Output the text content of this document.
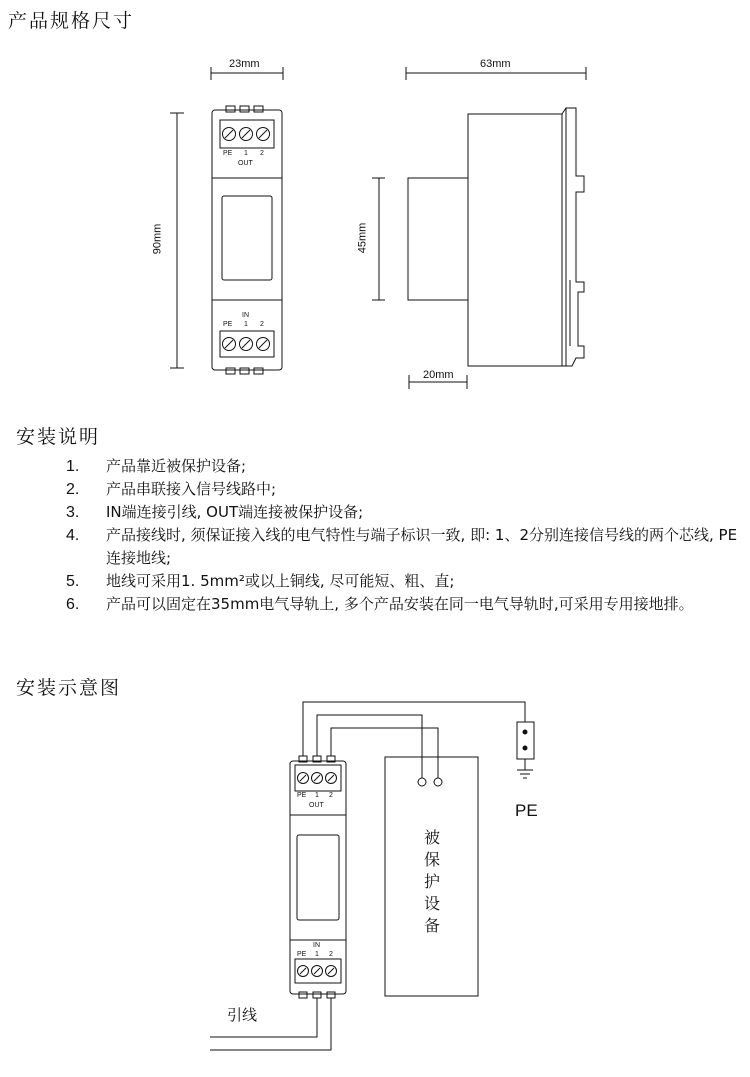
产品规格尺寸
23mm	63mm
90mm	45mm
20mm
PE 1 2
OUT
IN
PE 1 2
安装说明
1. 产品靠近被保护设备;
2. 产品串联接入信号线路中;
3. IN端连接引线, OUT端连接被保护设备;
4. 产品接线时, 须保证接入线的电气特性与端子标识一致, 即: 1、2分别连接信号线的两个芯线, PE 连接地线;
5. 地线可采用1. 5mm²或以上铜线, 尽可能短、粗、直;
6. 产品可以固定在35mm电气导轨上, 多个产品安装在同一电气导轨时,可采用专用接地排。
安装示意图
PE 1 2
OUT
IN
PE 1 2
被保护设备
PE
引线
